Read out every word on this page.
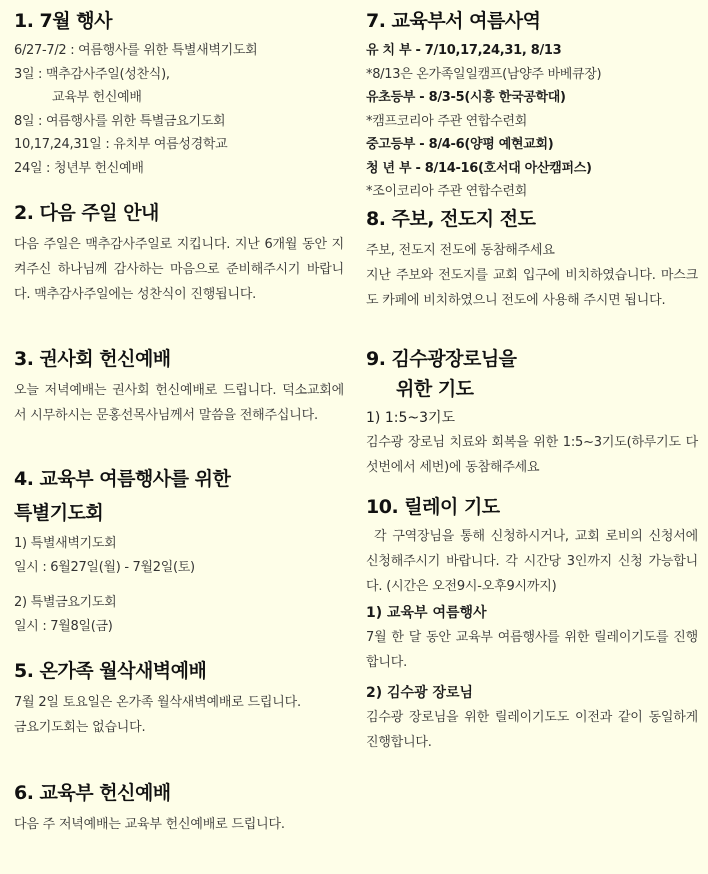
1. 7월 행사
6/27-7/2 : 여름행사를 위한 특별새벽기도회
3일 : 맥추감사주일(성찬식),
교육부 헌신예배
8일 : 여름행사를 위한 특별금요기도회
10,17,24,31일 : 유치부 여름성경학교
24일 : 청년부 헌신예배
2. 다음 주일 안내
다음 주일은 맥추감사주일로 지킵니다. 지난 6개월 동안 지켜주신 하나님께 감사하는 마음으로 준비해주시기 바랍니다. 맥추감사주일에는 성찬식이 진행됩니다.
3. 권사회 헌신예배
오늘 저녁예배는 권사회 헌신예배로 드립니다. 덕소교회에서 시무하시는 문홍선목사님께서 말씀을 전해주십니다.
4. 교육부 여름행사를 위한
특별기도회
1) 특별새벽기도회
일시 : 6월27일(월) - 7월2일(토)
2) 특별금요기도회
일시 : 7월8일(금)
5. 온가족 월삭새벽예배
7월 2일 토요일은 온가족 월삭새벽예배로 드립니다.
금요기도회는 없습니다.
6. 교육부 헌신예배
다음 주 저녁예배는 교육부 헌신예배로 드립니다.
7. 교육부서 여름사역
유 치 부 - 7/10,17,24,31, 8/13
*8/13은 온가족일일캠프(남양주 바베큐장)
유초등부 - 8/3-5(시흥 한국공학대)
*캠프코리아 주관 연합수련회
중고등부 - 8/4-6(양평 예현교회)
청 년 부 - 8/14-16(호서대 아산캠퍼스)
*조이코리아 주관 연합수련회
8. 주보, 전도지 전도
주보, 전도지 전도에 동참해주세요
지난 주보와 전도지를 교회 입구에 비치하였습니다. 마스크도 카페에 비치하였으니 전도에 사용해 주시면 됩니다.
9. 김수광장로님을
위한 기도
1) 1:5~3기도
김수광 장로님 치료와 회복을 위한 1:5~3기도(하루기도 다섯번에서 세번)에 동참해주세요
10. 릴레이 기도
각 구역장님을 통해 신청하시거나, 교회 로비의 신청서에 신청해주시기 바랍니다. 각 시간당 3인까지 신청 가능합니다. (시간은 오전9시-오후9시까지)
1) 교육부 여름행사
7월 한 달 동안 교육부 여름행사를 위한 릴레이기도를 진행합니다.
2) 김수광 장로님
김수광 장로님을 위한 릴레이기도도 이전과 같이 동일하게 진행합니다.
